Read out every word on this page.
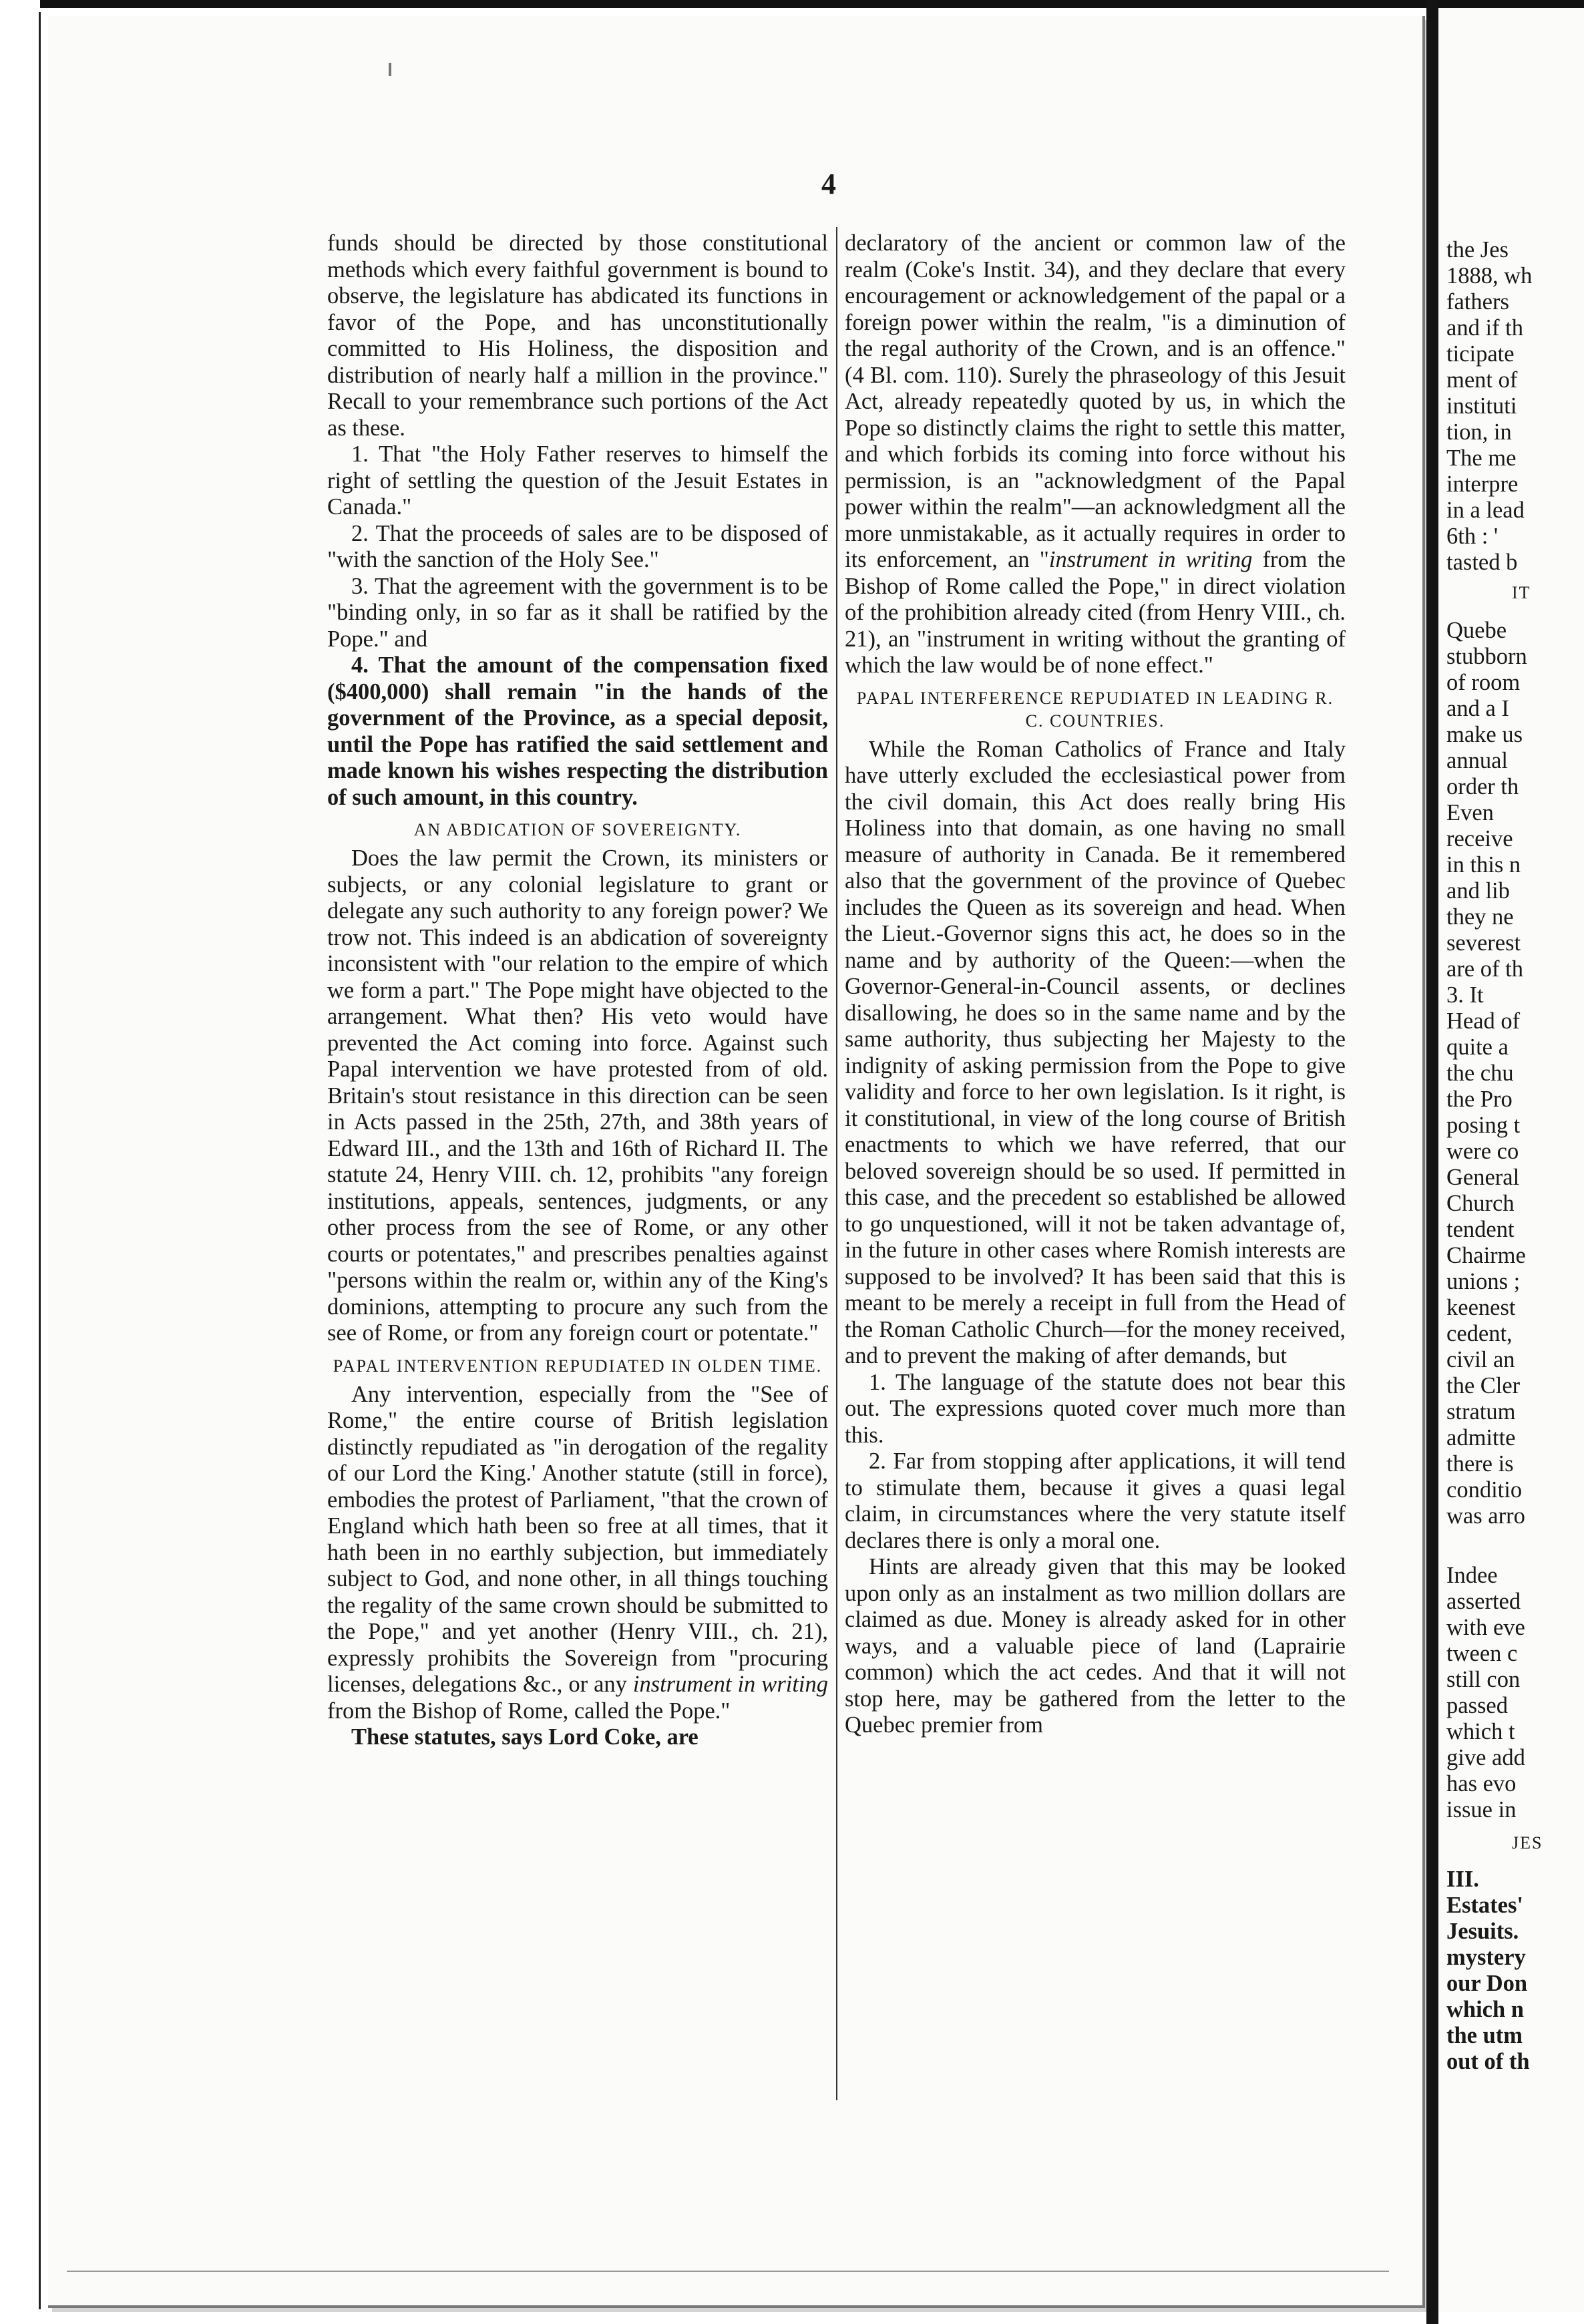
4

funds should be directed by those constitutional methods which every faithful government is bound to observe, the legislature has abdicated its functions in favor of the Pope, and has unconstitutionally committed to His Holiness, the disposition and distribution of nearly half a million in the province." Recall to your remembrance such portions of the Act as these.

1. That "the Holy Father reserves to himself the right of settling the question of the Jesuit Estates in Canada."

2. That the proceeds of sales are to be disposed of "with the sanction of the Holy See."

3. That the agreement with the government is to be "binding only, in so far as it shall be ratified by the Pope." and

4. That the amount of the compensation fixed ($400,000) shall remain "in the hands of the government of the Province, as a special deposit, until the Pope has ratified the said settlement and made known his wishes respecting the distribution of such amount, in this country.

AN ABDICATION OF SOVEREIGNTY.

Does the law permit the Crown, its ministers or subjects, or any colonial legislature to grant or delegate any such authority to any foreign power? We trow not. This indeed is an abdication of sovereignty inconsistent with "our relation to the empire of which we form a part." The Pope might have objected to the arrangement. What then? His veto would have prevented the Act coming into force. Against such Papal intervention we have protested from of old. Britain's stout resistance in this direction can be seen in Acts passed in the 25th, 27th, and 38th years of Edward III., and the 13th and 16th of Richard II. The statute 24, Henry VIII. ch. 12, prohibits "any foreign institutions, appeals, sentences, judgments, or any other process from the see of Rome, or any other courts or potentates," and prescribes penalties against "persons within the realm or, within any of the King's dominions, attempting to procure any such from the see of Rome, or from any foreign court or potentate."

PAPAL INTERVENTION REPUDIATED IN OLDEN TIME.

Any intervention, especially from the "See of Rome," the entire course of British legislation distinctly repudiated as "in derogation of the regality of our Lord the King.' Another statute (still in force), embodies the protest of Parliament, "that the crown of England which hath been so free at all times, that it hath been in no earthly subjection, but immediately subject to God, and none other, in all things touching the regality of the same crown should be submitted to the Pope," and yet another (Henry VIII., ch. 21), expressly prohibits the Sovereign from "procuring licenses, delegations &c., or any instrument in writing from the Bishop of Rome, called the Pope."

These statutes, says Lord Coke, are

declaratory of the ancient or common law of the realm (Coke's Instit. 34), and they declare that every encouragement or acknowledgement of the papal or a foreign power within the realm, "is a diminution of the regal authority of the Crown, and is an offence." (4 Bl. com. 110). Surely the phraseology of this Jesuit Act, already repeatedly quoted by us, in which the Pope so distinctly claims the right to settle this matter, and which forbids its coming into force without his permission, is an "acknowledgment of the Papal power within the realm"—an acknowledgment all the more unmistakable, as it actually requires in order to its enforcement, an "instrument in writing from the Bishop of Rome called the Pope," in direct violation of the prohibition already cited (from Henry VIII., ch. 21), an "instrument in writing without the granting of which the law would be of none effect."

PAPAL INTERFERENCE REPUDIATED IN LEADING R. C. COUNTRIES.

While the Roman Catholics of France and Italy have utterly excluded the ecclesiastical power from the civil domain, this Act does really bring His Holiness into that domain, as one having no small measure of authority in Canada. Be it remembered also that the government of the province of Quebec includes the Queen as its sovereign and head. When the Lieut.-Governor signs this act, he does so in the name and by authority of the Queen:—when the Governor-General-in-Council assents, or declines disallowing, he does so in the same name and by the same authority, thus subjecting her Majesty to the indignity of asking permission from the Pope to give validity and force to her own legislation. Is it right, is it constitutional, in view of the long course of British enactments to which we have referred, that our beloved sovereign should be so used. If permitted in this case, and the precedent so established be allowed to go unquestioned, will it not be taken advantage of, in the future in other cases where Romish interests are supposed to be involved? It has been said that this is meant to be merely a receipt in full from the Head of the Roman Catholic Church—for the money received, and to prevent the making of after demands, but

1. The language of the statute does not bear this out. The expressions quoted cover much more than this.

2. Far from stopping after applications, it will tend to stimulate them, because it gives a quasi legal claim, in circumstances where the very statute itself declares there is only a moral one.

Hints are already given that this may be looked upon only as an instalment as two million dollars are claimed as due. Money is already asked for in other ways, and a valuable piece of land (Laprairie common) which the act cedes. And that it will not stop here, may be gathered from the letter to the Quebec premier from

the Jes
1888, wh
fathers
and if th
ticipate
ment of
instituti
tion, in
The me
interpre
in a lead
6th : '
tasted b
IT
Quebe
stubborn
of room
and a I
make us
annual
order th
Even
receive
in this n
and lib
they ne
severest
are of th
3. It
Head of
quite a
the chu
the Pro
posing t
were co
General
Church
tendent
Chairme
unions ;
keenest
cedent,
civil an
the Cler
stratum
admitte
there is
conditio
was arro
Indee
asserted
with eve
tween c
still con
passed
which t
give add
has evo
issue in
JES
III.
Estates'
Jesuits.
mystery
our Don
which n
the utm
out of th
